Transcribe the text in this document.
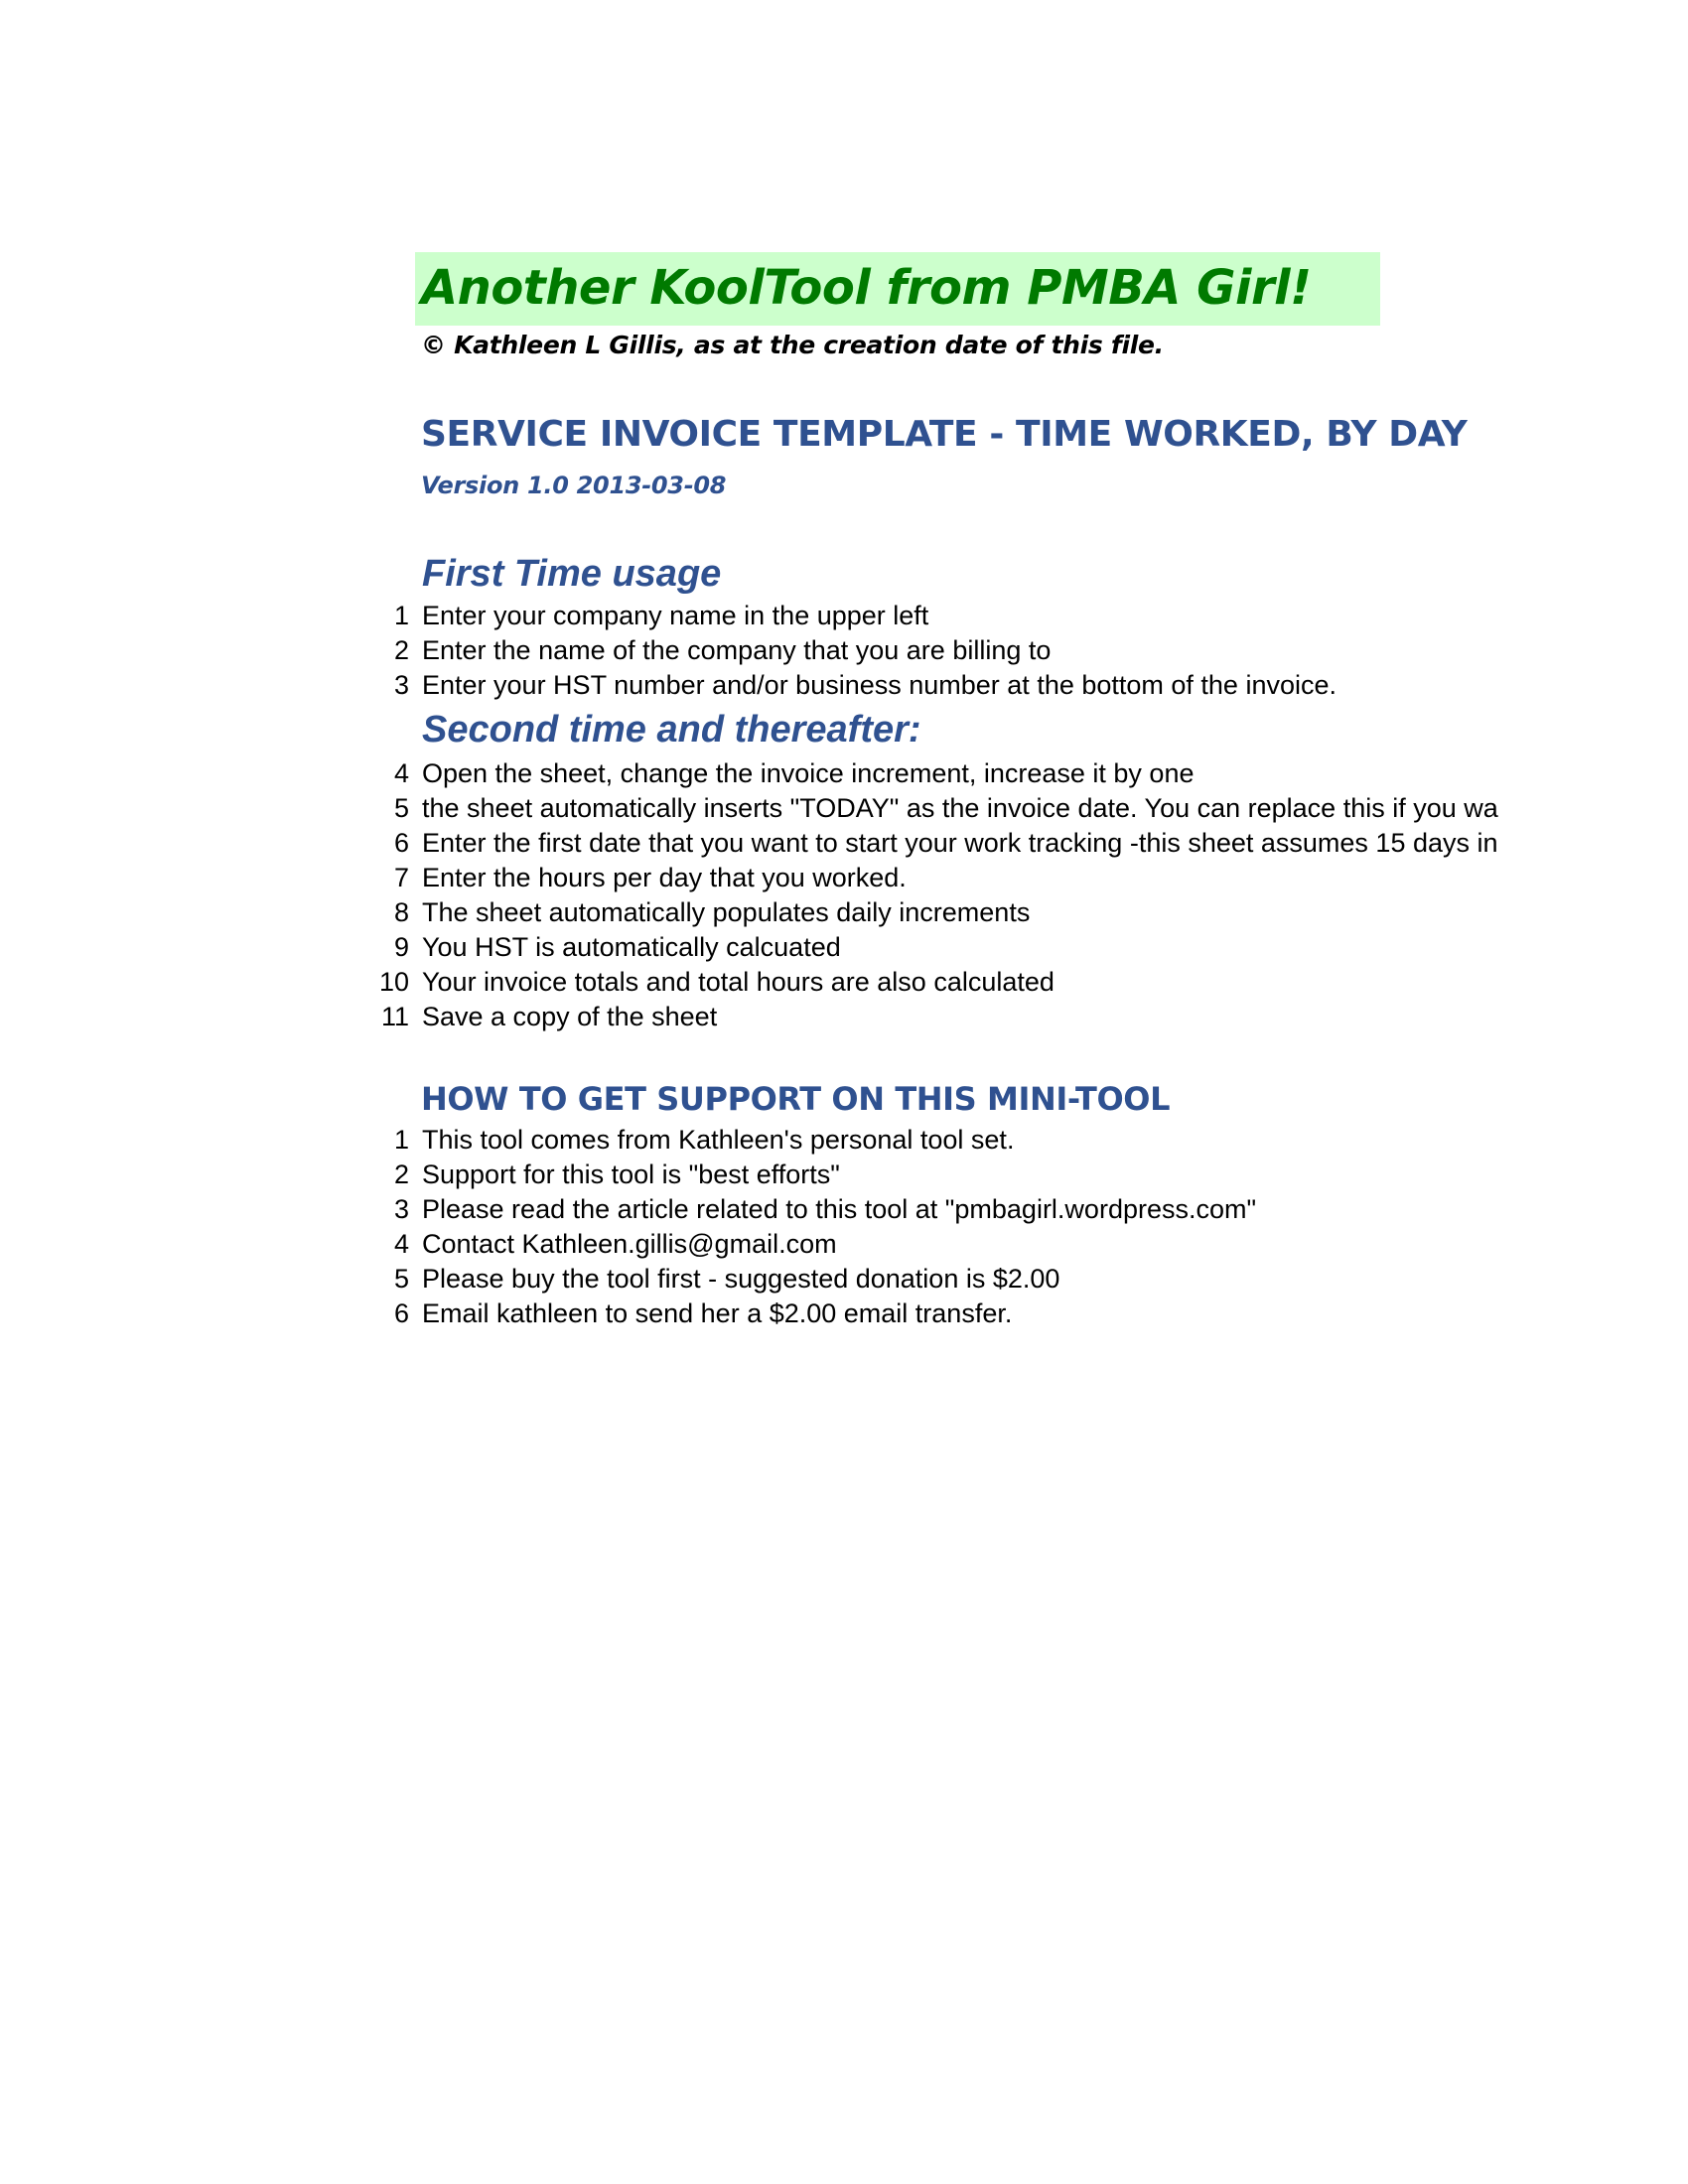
Another KoolTool from PMBA Girl!
© Kathleen L Gillis, as at the creation date of this file.
SERVICE INVOICE TEMPLATE - TIME WORKED, BY DAY
Version 1.0 2013-03-08
First Time usage
1 Enter your company name in the upper left
2 Enter the name of the company that you are billing to
3 Enter your HST number and/or business number at the bottom of the invoice.
Second time and thereafter:
4 Open the sheet, change the invoice increment, increase it by one
5 the sheet automatically inserts "TODAY" as the invoice date. You can replace this if you wa
6 Enter the first date that you want to start your work tracking -this sheet assumes 15 days in
7 Enter the hours per day that you worked.
8 The sheet automatically populates daily increments
9 You HST is automatically calcuated
10 Your invoice totals and total hours are also calculated
11 Save a copy of the sheet
HOW TO GET SUPPORT ON THIS MINI-TOOL
1 This tool comes from Kathleen's personal tool set.
2 Support for this tool is "best efforts"
3 Please read the article related to this tool at "pmbagirl.wordpress.com"
4 Contact Kathleen.gillis@gmail.com
5 Please buy the tool first - suggested donation is $2.00
6 Email kathleen to send her a $2.00 email transfer.
